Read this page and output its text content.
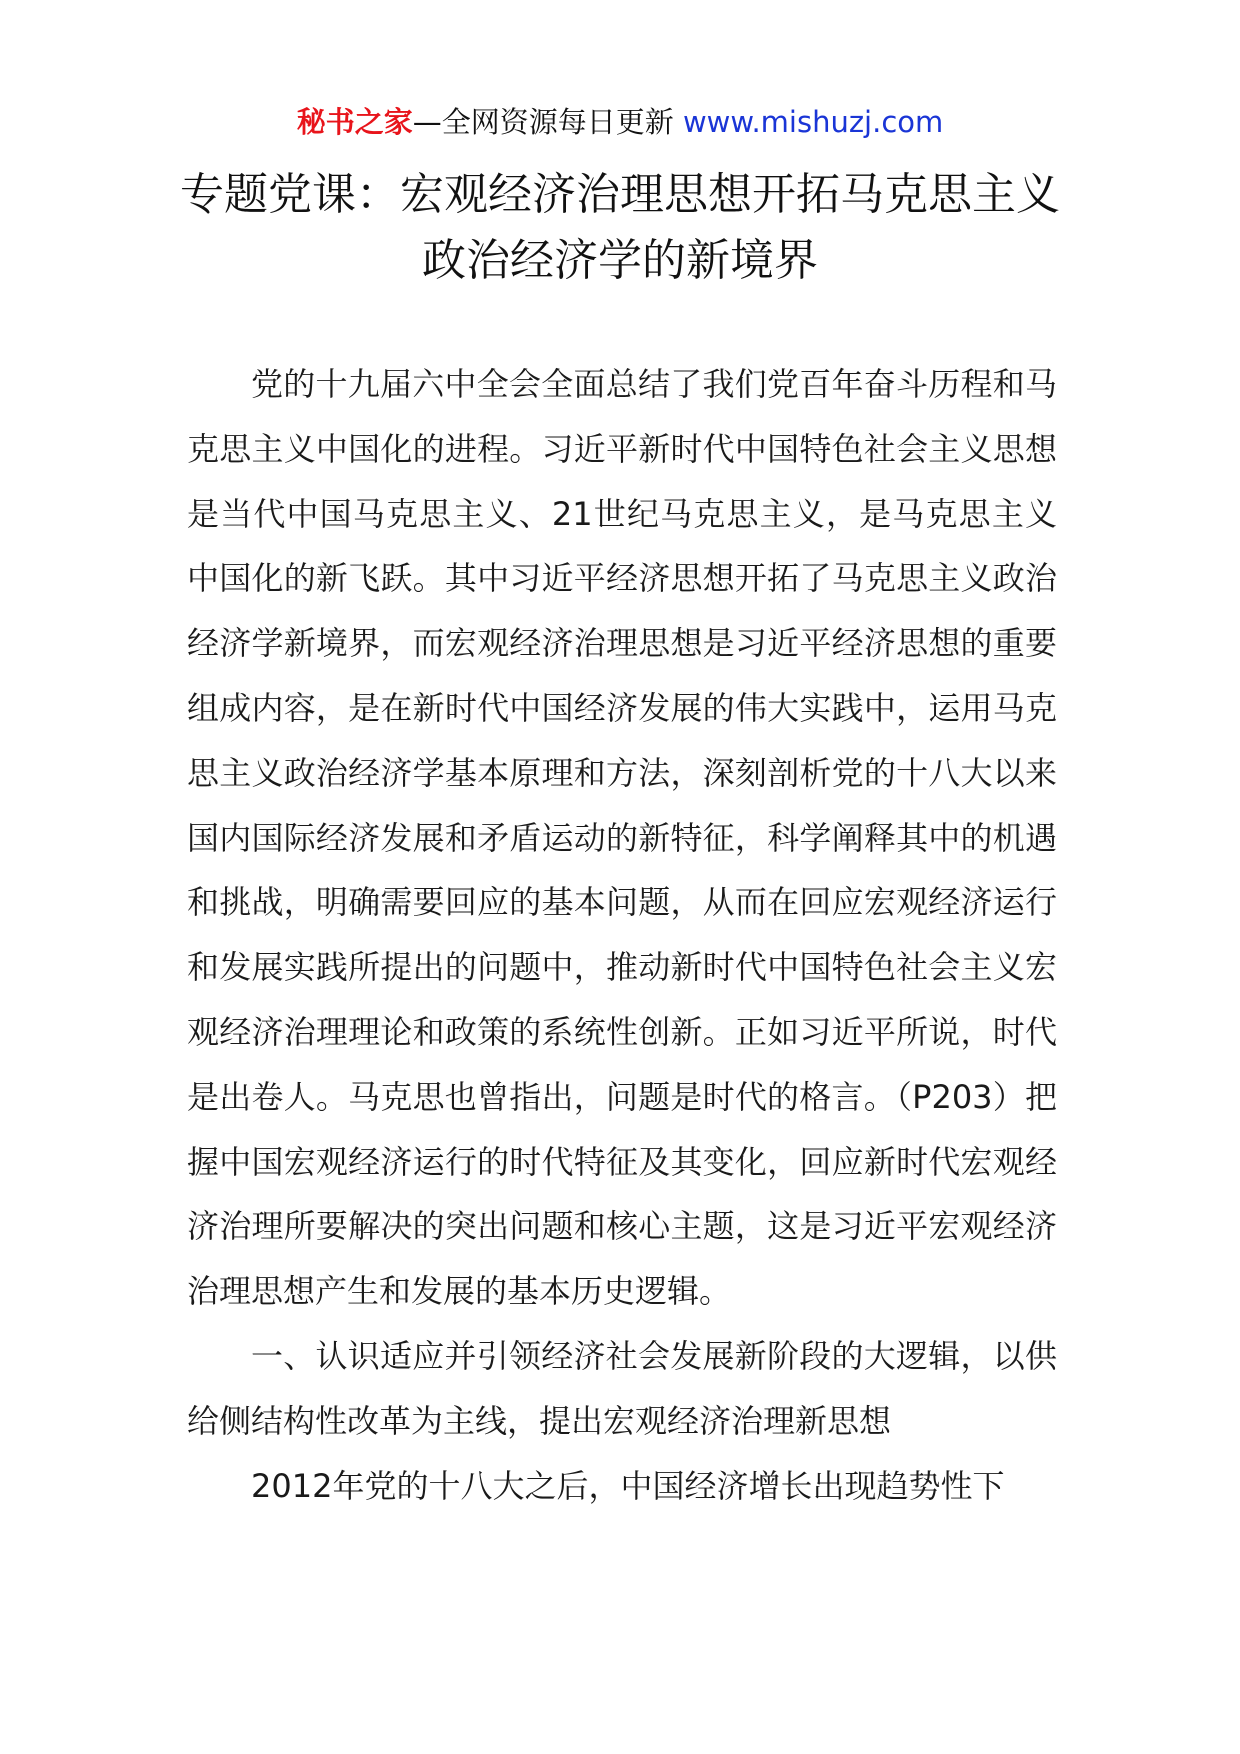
秘书之家—全网资源每日更新 www.mishuzj.com
专题党课：宏观经济治理思想开拓马克思主义政治经济学的新境界

党的十九届六中全会全面总结了我们党百年奋斗历程和马克思主义中国化的进程。习近平新时代中国特色社会主义思想是当代中国马克思主义、21世纪马克思主义，是马克思主义中国化的新飞跃。其中习近平经济思想开拓了马克思主义政治经济学新境界，而宏观经济治理思想是习近平经济思想的重要组成内容，是在新时代中国经济发展的伟大实践中，运用马克思主义政治经济学基本原理和方法，深刻剖析党的十八大以来国内国际经济发展和矛盾运动的新特征，科学阐释其中的机遇和挑战，明确需要回应的基本问题，从而在回应宏观经济运行和发展实践所提出的问题中，推动新时代中国特色社会主义宏观经济治理理论和政策的系统性创新。正如习近平所说，时代是出卷人。马克思也曾指出，问题是时代的格言。（P203）把握中国宏观经济运行的时代特征及其变化，回应新时代宏观经济治理所要解决的突出问题和核心主题，这是习近平宏观经济治理思想产生和发展的基本历史逻辑。

一、认识适应并引领经济社会发展新阶段的大逻辑，以供给侧结构性改革为主线，提出宏观经济治理新思想

2012年党的十八大之后，中国经济增长出现趋势性下
